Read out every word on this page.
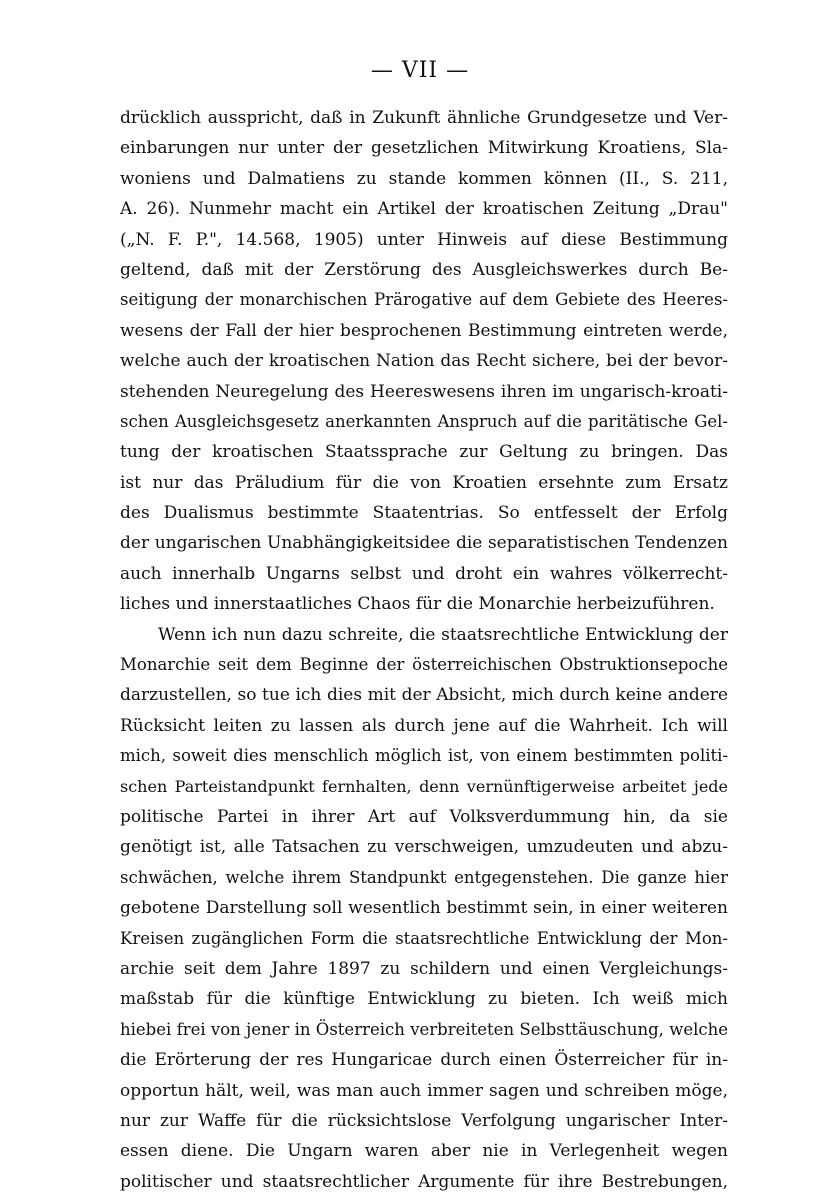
— VII —
drücklich ausspricht, daß in Zukunft ähnliche Grundgesetze und Ver-
einbarungen nur unter der gesetzlichen Mitwirkung Kroatiens, Sla-
woniens und Dalmatiens zu stande kommen können (II., S. 211,
A. 26). Nunmehr macht ein Artikel der kroatischen Zeitung „Drau"
(„N. F. P.", 14.568, 1905) unter Hinweis auf diese Bestimmung
geltend, daß mit der Zerstörung des Ausgleichswerkes durch Be-
seitigung der monarchischen Prärogative auf dem Gebiete des Heeres-
wesens der Fall der hier besprochenen Bestimmung eintreten werde,
welche auch der kroatischen Nation das Recht sichere, bei der bevor-
stehenden Neuregelung des Heereswesens ihren im ungarisch-kroati-
schen Ausgleichsgesetz anerkannten Anspruch auf die paritätische Gel-
tung der kroatischen Staatssprache zur Geltung zu bringen. Das
ist nur das Präludium für die von Kroatien ersehnte zum Ersatz
des Dualismus bestimmte Staatentrias. So entfesselt der Erfolg
der ungarischen Unabhängigkeitsidee die separatistischen Tendenzen
auch innerhalb Ungarns selbst und droht ein wahres völkerrecht-
liches und innerstaatliches Chaos für die Monarchie herbeizuführen.
Wenn ich nun dazu schreite, die staatsrechtliche Entwicklung der
Monarchie seit dem Beginne der österreichischen Obstruktionsepoche
darzustellen, so tue ich dies mit der Absicht, mich durch keine andere
Rücksicht leiten zu lassen als durch jene auf die Wahrheit. Ich will
mich, soweit dies menschlich möglich ist, von einem bestimmten politi-
schen Parteistandpunkt fernhalten, denn vernünftigerweise arbeitet jede
politische Partei in ihrer Art auf Volksverdummung hin, da sie
genötigt ist, alle Tatsachen zu verschweigen, umzudeuten und abzu-
schwächen, welche ihrem Standpunkt entgegenstehen. Die ganze hier
gebotene Darstellung soll wesentlich bestimmt sein, in einer weiteren
Kreisen zugänglichen Form die staatsrechtliche Entwicklung der Mon-
archie seit dem Jahre 1897 zu schildern und einen Vergleichungs-
maßstab für die künftige Entwicklung zu bieten. Ich weiß mich
hiebei frei von jener in Österreich verbreiteten Selbsttäuschung, welche
die Erörterung der res Hungaricae durch einen Österreicher für in-
opportun hält, weil, was man auch immer sagen und schreiben möge,
nur zur Waffe für die rücksichtslose Verfolgung ungarischer Inter-
essen diene. Die Ungarn waren aber nie in Verlegenheit wegen
politischer und staatsrechtlicher Argumente für ihre Bestrebungen,
